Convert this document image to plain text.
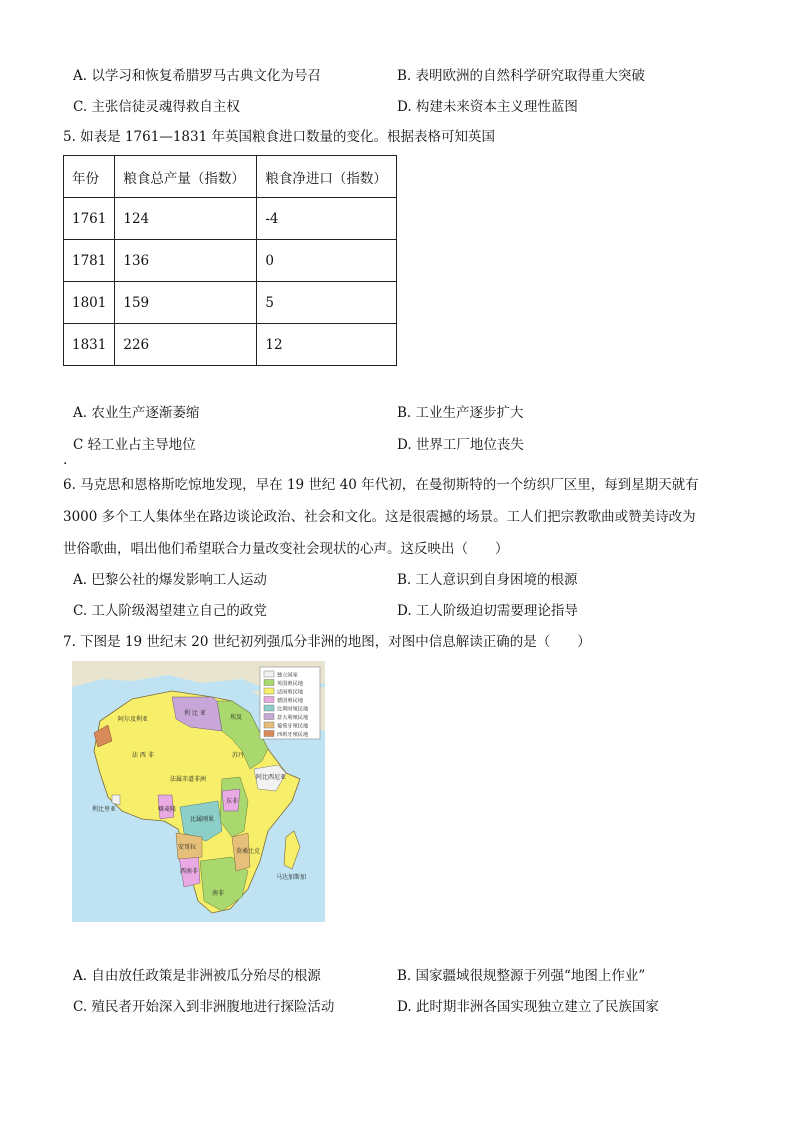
A. 以学习和恢复希腊罗马古典文化为号召	B. 表明欧洲的自然科学研究取得重大突破
C. 主张信徒灵魂得救自主权	D. 构建未来资本主义理性蓝图
5. 如表是 1761—1831 年英国粮食进口数量的变化。根据表格可知英国
年份	粮食总产量（指数）	粮食净进口（指数）
1761	124	-4
1781	136	0
1801	159	5
1831	226	12
A. 农业生产逐渐萎缩	B. 工业生产逐步扩大
C 轻工业占主导地位	D. 世界工厂地位丧失
.
6. 马克思和恩格斯吃惊地发现，早在 19 世纪 40 年代初，在曼彻斯特的一个纺织厂区里，每到星期天就有
3000 多个工人集体坐在路边谈论政治、社会和文化。这是很震撼的场景。工人们把宗教歌曲或赞美诗改为
世俗歌曲，唱出他们希望联合力量改变社会现状的心声。这反映出（　　）
A. 巴黎公社的爆发影响工人运动	B. 工人意识到自身困境的根源
C. 工人阶级渴望建立自己的政党	D. 工人阶级迫切需要理论指导
7. 下图是 19 世纪末 20 世纪初列强瓜分非洲的地图，对图中信息解读正确的是（　　）
独立国家
英国殖民地
法国殖民地
德国殖民地
比利时殖民地
意大利殖民地
葡萄牙殖民地
西班牙殖民地
阿尔及利亚
利 比 亚
埃及
法 西 非
法属赤道非洲
苏丹
阿比西尼亚
利比里亚
比属刚果
安哥拉
西南非
南非
东非
马达加斯加
喀麦隆
莫桑比克
A. 自由放任政策是非洲被瓜分殆尽的根源	B. 国家疆域很规整源于列强“地图上作业”
C. 殖民者开始深入到非洲腹地进行探险活动	D. 此时期非洲各国实现独立建立了民族国家
